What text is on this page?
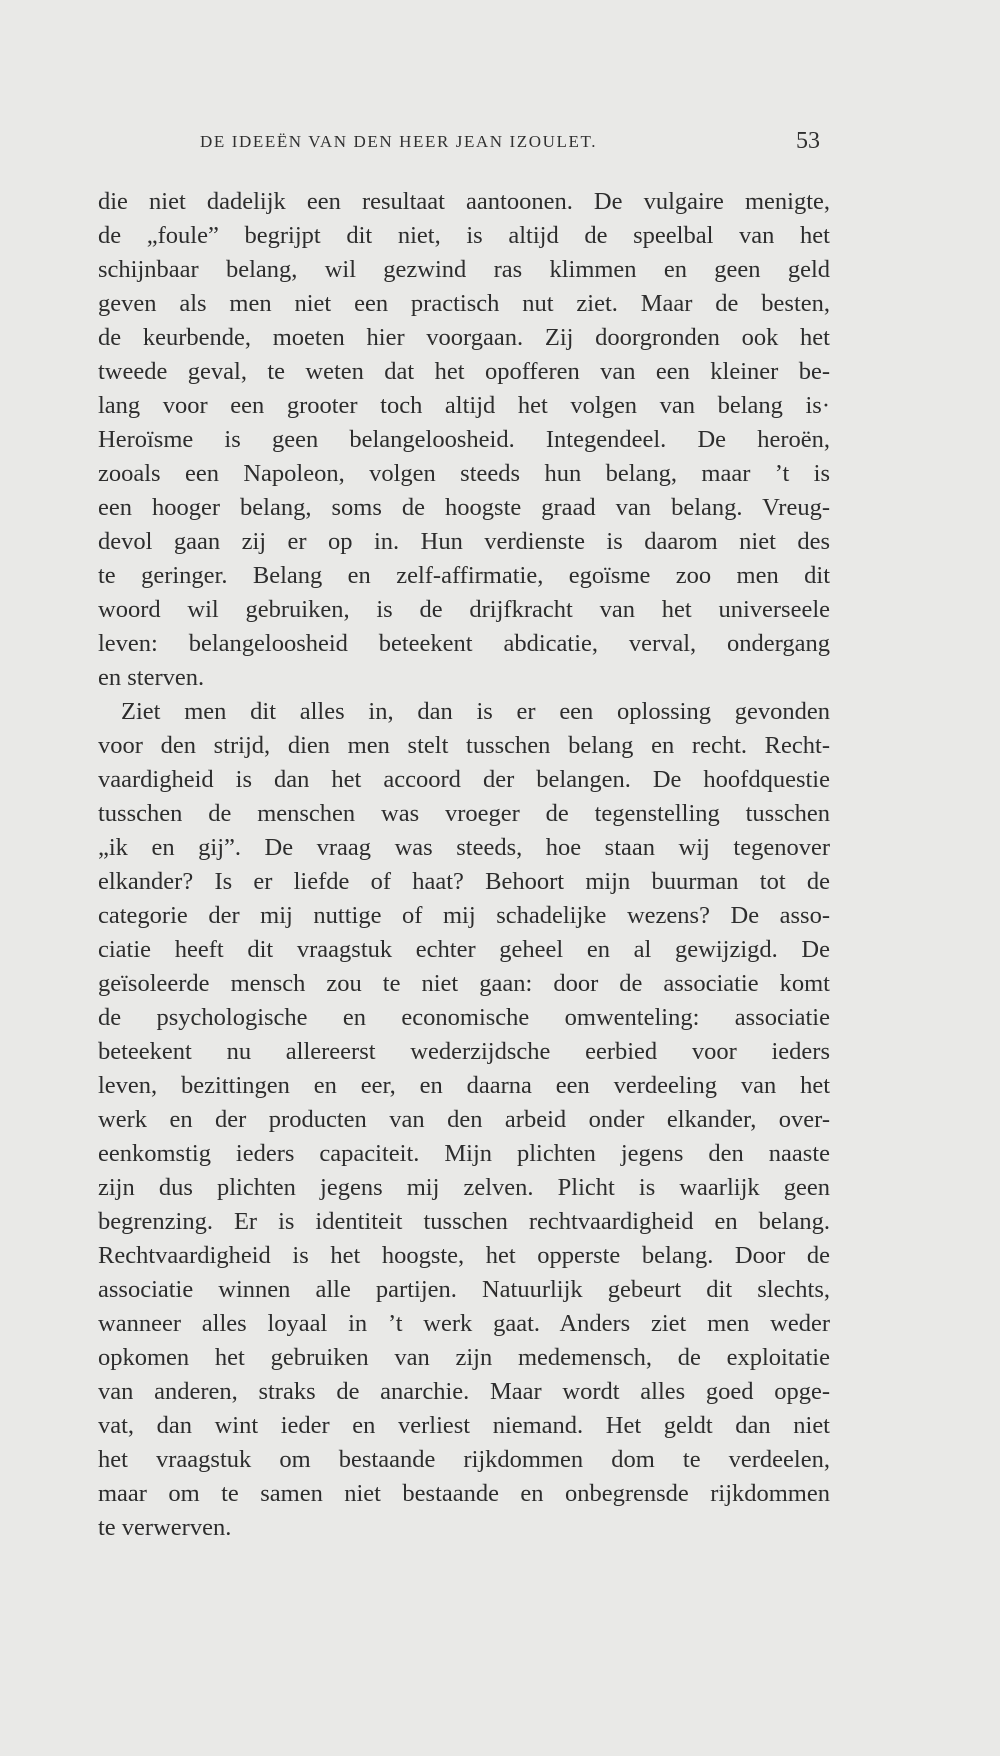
DE IDEEËN VAN DEN HEER JEAN IZOULET.	53
die niet dadelijk een resultaat aantoonen. De vulgaire menigte,
de „foule” begrijpt dit niet, is altijd de speelbal van het
schijnbaar belang, wil gezwind ras klimmen en geen geld
geven als men niet een practisch nut ziet. Maar de besten,
de keurbende, moeten hier voorgaan. Zij doorgronden ook het
tweede geval, te weten dat het opofferen van een kleiner be-
lang voor een grooter toch altijd het volgen van belang is·
Heroïsme is geen belangeloosheid. Integendeel. De heroën,
zooals een Napoleon, volgen steeds hun belang, maar ’t is
een hooger belang, soms de hoogste graad van belang. Vreug-
devol gaan zij er op in. Hun verdienste is daarom niet des
te geringer. Belang en zelf-affirmatie, egoïsme zoo men dit
woord wil gebruiken, is de drijfkracht van het universeele
leven: belangeloosheid beteekent abdicatie, verval, ondergang
en sterven.
Ziet men dit alles in, dan is er een oplossing gevonden
voor den strijd, dien men stelt tusschen belang en recht. Recht-
vaardigheid is dan het accoord der belangen. De hoofdquestie
tusschen de menschen was vroeger de tegenstelling tusschen
„ik en gij”. De vraag was steeds, hoe staan wij tegenover
elkander? Is er liefde of haat? Behoort mijn buurman tot de
categorie der mij nuttige of mij schadelijke wezens? De asso-
ciatie heeft dit vraagstuk echter geheel en al gewijzigd. De
geïsoleerde mensch zou te niet gaan: door de associatie komt
de psychologische en economische omwenteling: associatie
beteekent nu allereerst wederzijdsche eerbied voor ieders
leven, bezittingen en eer, en daarna een verdeeling van het
werk en der producten van den arbeid onder elkander, over-
eenkomstig ieders capaciteit. Mijn plichten jegens den naaste
zijn dus plichten jegens mij zelven. Plicht is waarlijk geen
begrenzing. Er is identiteit tusschen rechtvaardigheid en belang.
Rechtvaardigheid is het hoogste, het opperste belang. Door de
associatie winnen alle partijen. Natuurlijk gebeurt dit slechts,
wanneer alles loyaal in ’t werk gaat. Anders ziet men weder
opkomen het gebruiken van zijn medemensch, de exploitatie
van anderen, straks de anarchie. Maar wordt alles goed opge-
vat, dan wint ieder en verliest niemand. Het geldt dan niet
het vraagstuk om bestaande rijkdommen dom te verdeelen,
maar om te samen niet bestaande en onbegrensde rijkdommen
te verwerven.
